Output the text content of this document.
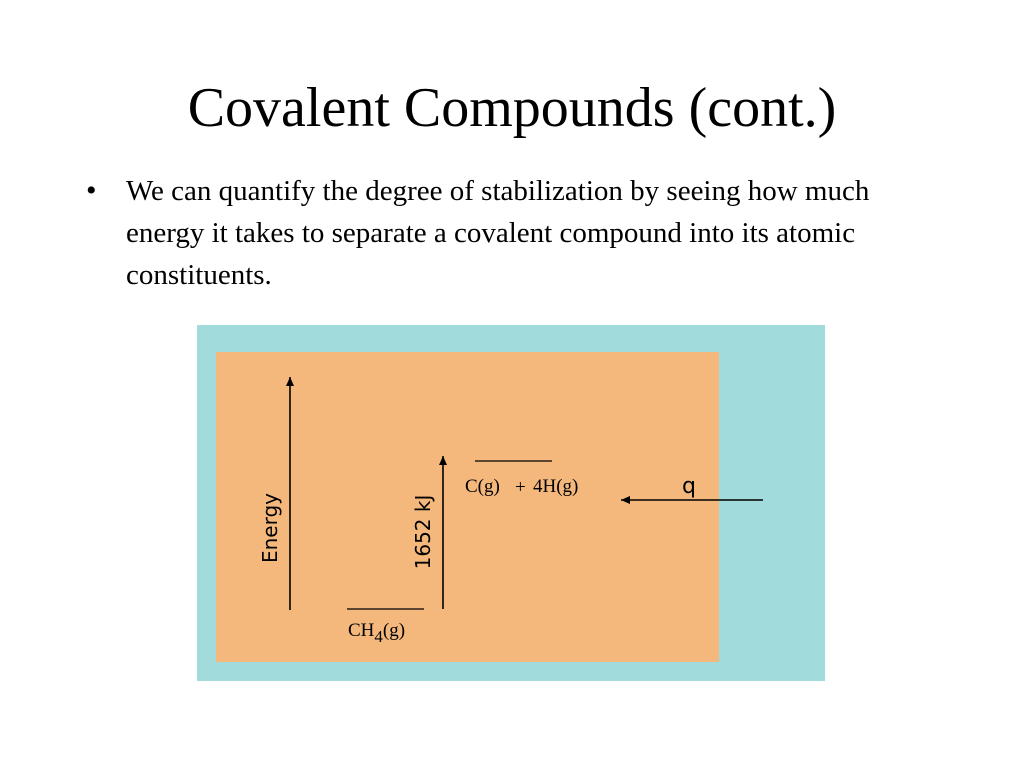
Covalent Compounds (cont.)
• We can quantify the degree of stabilization by seeing how much energy it takes to separate a covalent compound into its atomic constituents.
Energy	1652 kJ
C(g) + 4H(g)
CH4(g)
q
